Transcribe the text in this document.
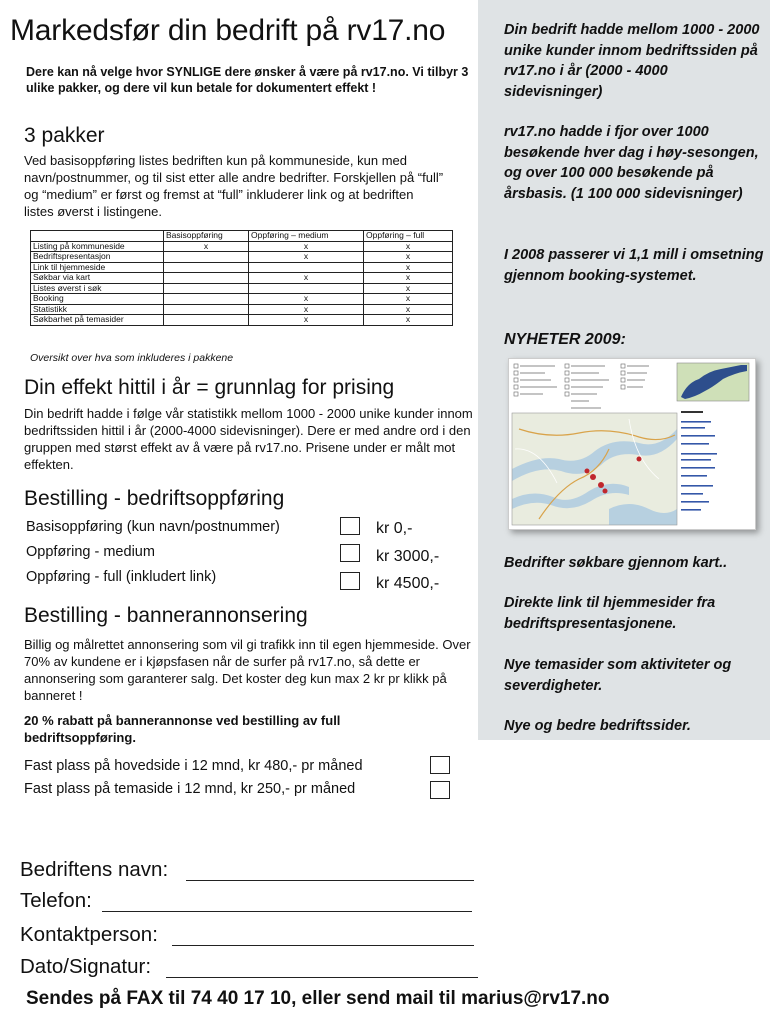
Markedsfør din bedrift på rv17.no
Dere kan nå velge hvor SYNLIGE dere ønsker å være på rv17.no. Vi tilbyr 3 ulike pakker, og dere vil kun betale for dokumentert effekt !
3 pakker
Ved basisoppføring listes bedriften kun på kommuneside, kun med navn/postnummer, og til sist etter alle andre bedrifter. Forskjellen på “full” og “medium” er først og fremst at “full” inkluderer link og at bedriften listes øverst i listingene.
	Basisoppføring	Oppføring – medium	Oppføring – full
Listing på kommuneside	x	x	x
Bedriftspresentasjon		x	x
Link til hjemmeside			x
Søkbar via kart		x	x
Listes øverst i søk			x
Booking		x	x
Statistikk		x	x
Søkbarhet på temasider		x	x
Oversikt over hva som inkluderes i pakkene
Din effekt hittil i år = grunnlag for prising
Din bedrift hadde i følge vår statistikk mellom 1000 - 2000 unike kunder innom bedriftssiden hittil i år (2000-4000 sidevisninger). Dere er med andre ord i den gruppen med størst effekt av å være på rv17.no. Prisene under er målt mot effekten.
Bestilling - bedriftsoppføring
Basisoppføring (kun navn/postnummer)	kr 0,-
Oppføring - medium	kr 3000,-
Oppføring - full (inkludert link)	kr 4500,-
Bestilling - bannerannonsering
Billig og målrettet annonsering som vil gi trafikk inn til egen hjemmeside. Over 70% av kundene er i kjøpsfasen når de surfer på rv17.no, så dette er annonsering som garanterer salg. Det koster deg kun max 2 kr pr klikk på banneret !
20 % rabatt på bannerannonse ved bestilling av full bedriftsoppføring.
Fast plass på hovedside i 12 mnd, kr 480,- pr måned
Fast plass på temaside i 12 mnd, kr 250,- pr måned
Bedriftens navn:
Telefon:
Kontaktperson:
Dato/Signatur:
Sendes på FAX til 74 40 17 10, eller send mail til marius@rv17.no
Din bedrift hadde mellom 1000 - 2000 unike kunder innom bedriftssiden på rv17.no i år (2000 - 4000 sidevisninger)
rv17.no hadde i fjor over 1000 besøkende hver dag i høy-sesongen, og over 100 000 besøkende på årsbasis. (1 100 000 sidevisninger)
I 2008 passerer vi 1,1 mill i omsetning gjennom booking-systemet.
NYHETER 2009:
Bedrifter søkbare gjennom kart..
Direkte link til hjemmesider fra bedriftspresentasjonene.
Nye temasider som aktiviteter og severdigheter.
Nye og bedre bedriftssider.
